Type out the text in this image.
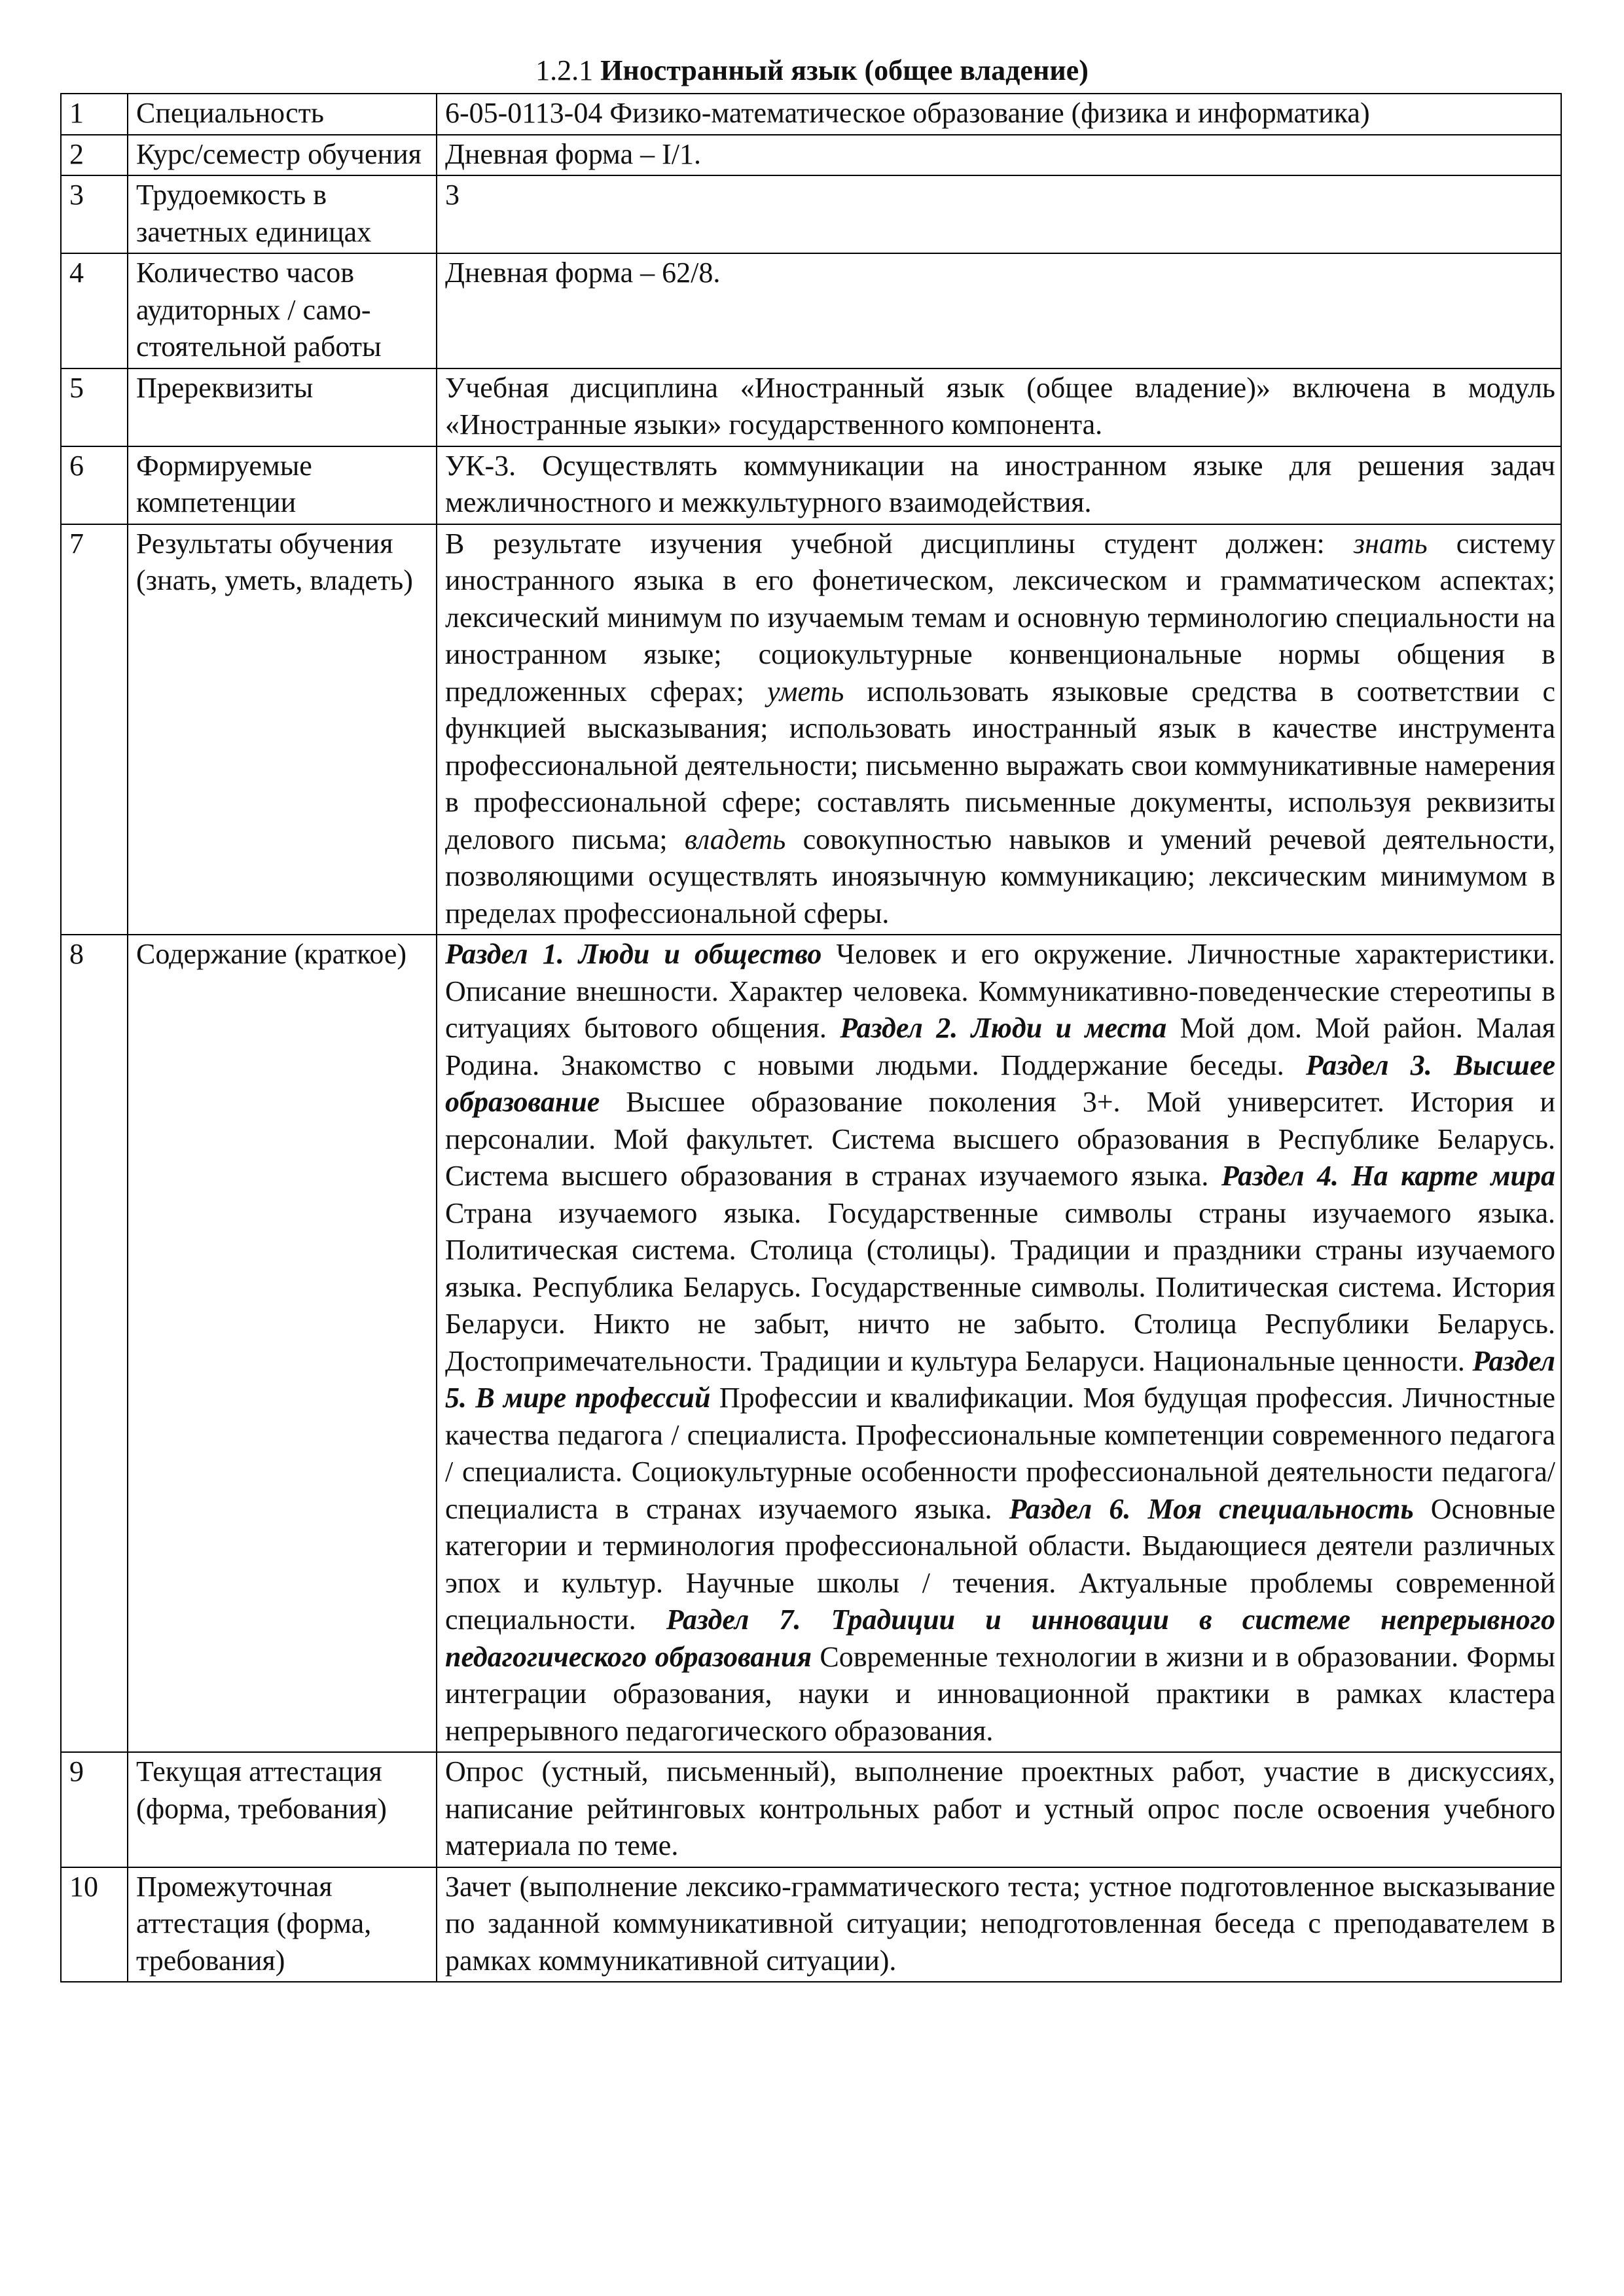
1.2.1 Иностранный язык (общее владение)
1	Специальность	6-05-0113-04 Физико-математическое образование (физика и информатика)
2	Курс/семестр обучения	Дневная форма – I/1.
3	Трудоемкость в зачетных единицах	3
4	Количество часов аудиторных / само- стоятельной работы	Дневная форма – 62/8.
5	Пререквизиты	Учебная дисциплина «Иностранный язык (общее владение)» включена в модуль «Иностранные языки» государственного компонента.
6	Формируемые компетенции	УК-3. Осуществлять коммуникации на иностранном языке для решения задач межличностного и межкультурного взаимодействия.
7	Результаты обучения (знать, уметь, владеть)	В результате изучения учебной дисциплины студент должен: знать систему иностранного языка в его фонетическом, лексическом и грамматическом аспектах; лексический минимум по изучаемым темам и основную терминологию специальности на иностранном языке; социокультурные конвенциональные нормы общения в предложенных сферах; уметь использовать языковые средства в соответствии с функцией высказывания; использовать иностранный язык в качестве инструмента профессиональной деятельности; письменно выражать свои коммуникативные намерения в профессиональной сфере; составлять письменные документы, используя реквизиты делового письма; владеть совокупностью навыков и умений речевой деятельности, позволяющими осуществлять иноязычную коммуникацию; лексическим минимумом в пределах профессиональной сферы.
8	Содержание (краткое)	Раздел 1. Люди и общество Человек и его окружение. Личностные характеристики. Описание внешности. Характер человека. Коммуникативно-поведенческие стереотипы в ситуациях бытового общения. Раздел 2. Люди и места Мой дом. Мой район. Малая Родина. Знакомство с новыми людьми. Поддержание беседы. Раздел 3. Высшее образование Высшее образование поколения 3+. Мой университет. История и персоналии. Мой факультет. Система высшего образования в Республике Беларусь. Система высшего образования в странах изучаемого языка. Раздел 4. На карте мира Страна изучаемого языка. Государственные символы страны изучаемого языка. Политическая система. Столица (столицы). Традиции и праздники страны изучаемого языка. Республика Беларусь. Государственные символы. Политическая система. История Беларуси. Никто не забыт, ничто не забыто. Столица Республики Беларусь. Достопримечательности. Традиции и культура Беларуси. Национальные ценности. Раздел 5. В мире профессий Профессии и квалификации. Моя будущая профессия. Личностные качества педагога / специалиста. Профессиональные компетенции современного педагога / специалиста. Социокультурные особенности профессиональной деятельности педагога/специалиста в странах изучаемого языка. Раздел 6. Моя специальность Основные категории и терминология профессиональной области. Выдающиеся деятели различных эпох и культур. Научные школы / течения. Актуальные проблемы современной специальности. Раздел 7. Традиции и инновации в системе непрерывного педагогического образования Современные технологии в жизни и в образовании. Формы интеграции образования, науки и инновационной практики в рамках кластера непрерывного педагогического образования.
9	Текущая аттестация (форма, требования)	Опрос (устный, письменный), выполнение проектных работ, участие в дискуссиях, написание рейтинговых контрольных работ и устный опрос после освоения учебного материала по теме.
10	Промежуточная аттестация (форма, требования)	Зачет (выполнение лексико-грамматического теста; устное подготовленное высказывание по заданной коммуникативной ситуации; неподготовленная беседа с преподавателем в рамках коммуникативной ситуации).
